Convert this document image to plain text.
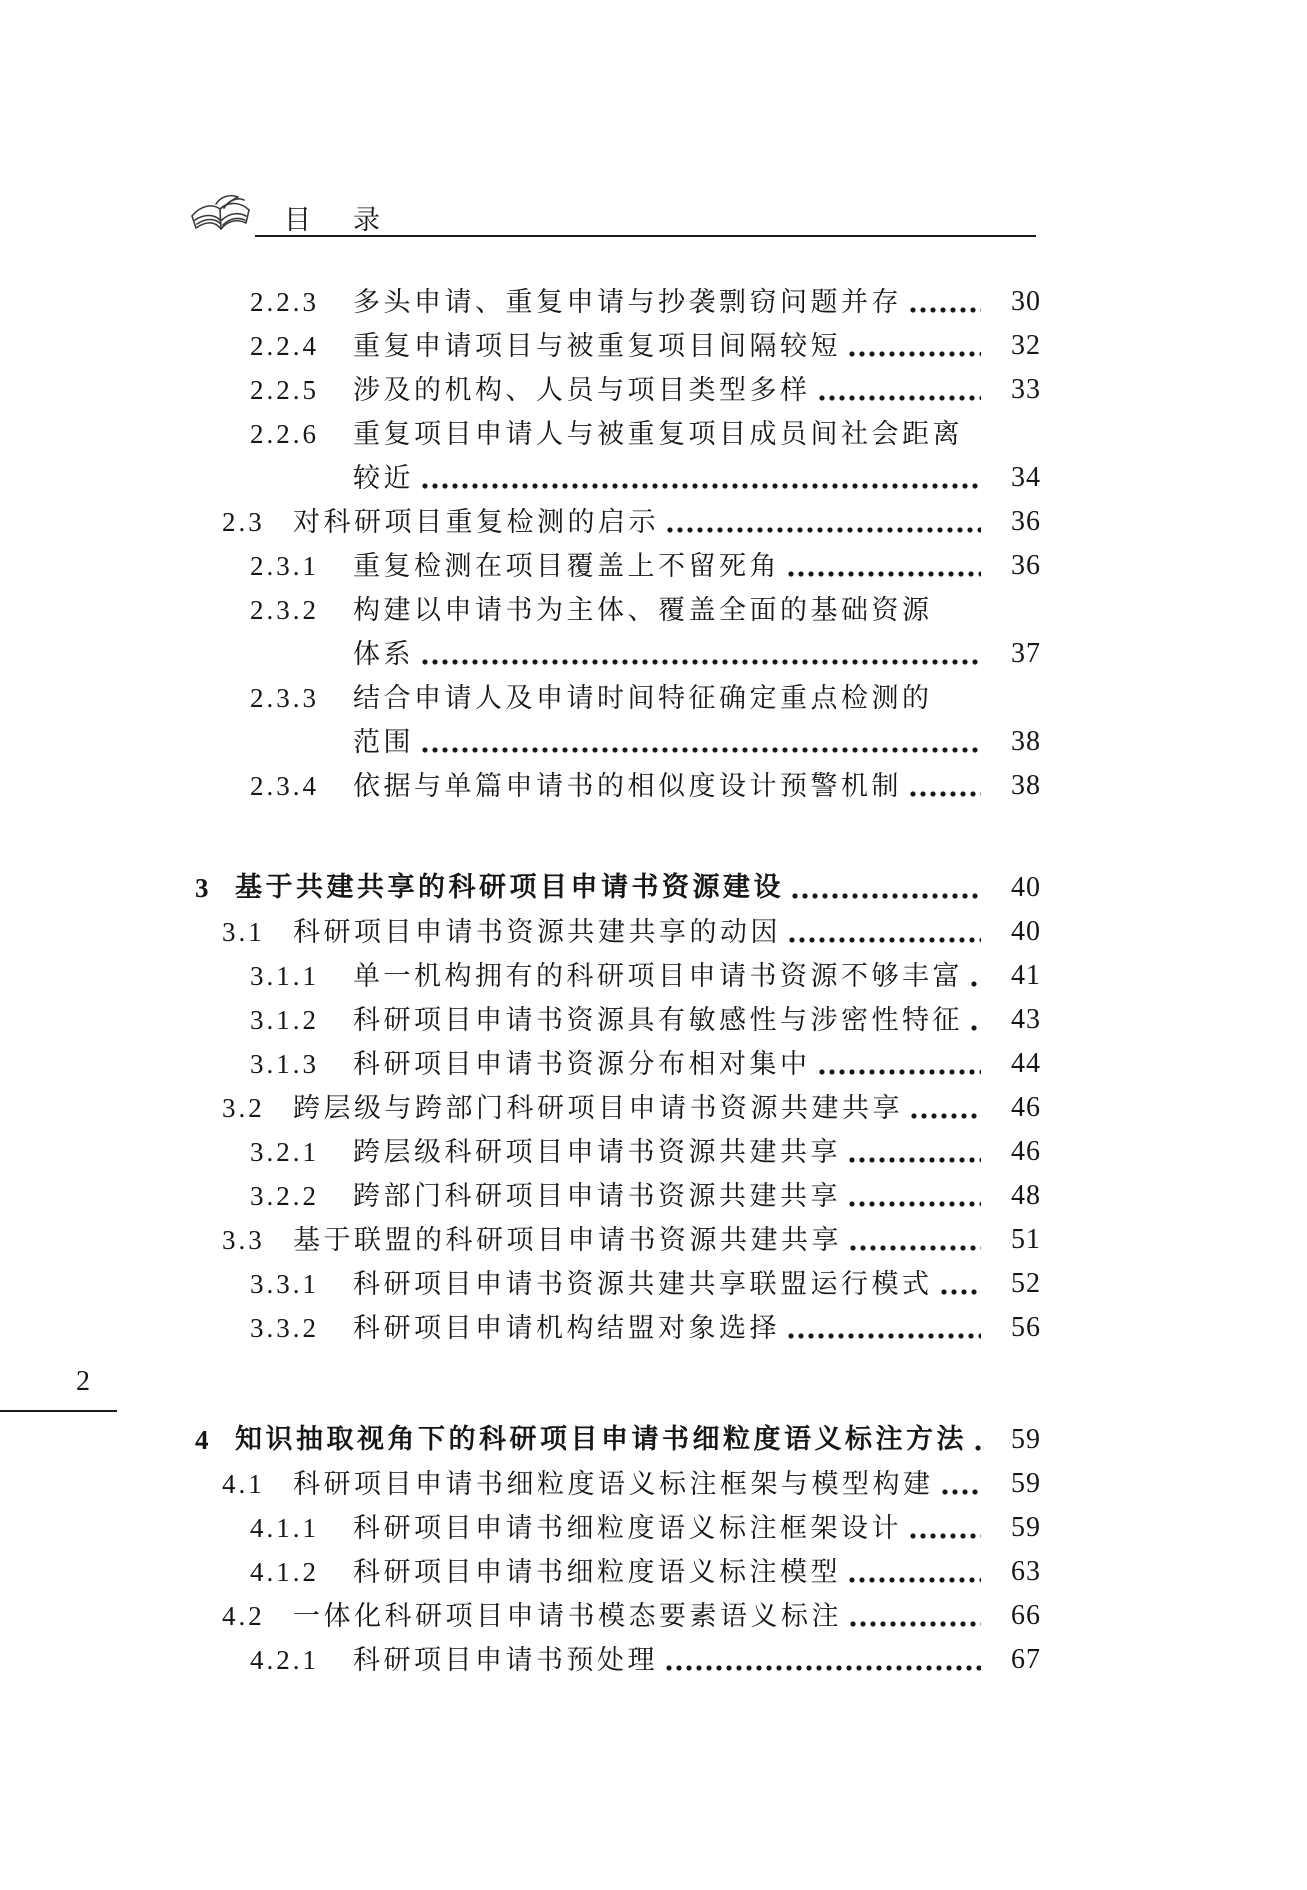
目录
2
2.2.3	多头申请、重复申请与抄袭剽窃问题并存	30
2.2.4	重复申请项目与被重复项目间隔较短	32
2.2.5	涉及的机构、人员与项目类型多样	33
2.2.6	重复项目申请人与被重复项目成员间社会距离
较近	34
2.3	对科研项目重复检测的启示	36
2.3.1	重复检测在项目覆盖上不留死角	36
2.3.2	构建以申请书为主体、覆盖全面的基础资源
体系	37
2.3.3	结合申请人及申请时间特征确定重点检测的
范围	38
2.3.4	依据与单篇申请书的相似度设计预警机制	38
3 基于共建共享的科研项目申请书资源建设	40
3.1	科研项目申请书资源共建共享的动因	40
3.1.1	单一机构拥有的科研项目申请书资源不够丰富	41
3.1.2	科研项目申请书资源具有敏感性与涉密性特征	43
3.1.3	科研项目申请书资源分布相对集中	44
3.2	跨层级与跨部门科研项目申请书资源共建共享	46
3.2.1	跨层级科研项目申请书资源共建共享	46
3.2.2	跨部门科研项目申请书资源共建共享	48
3.3	基于联盟的科研项目申请书资源共建共享	51
3.3.1	科研项目申请书资源共建共享联盟运行模式	52
3.3.2	科研项目申请机构结盟对象选择	56
4 知识抽取视角下的科研项目申请书细粒度语义标注方法	59
4.1	科研项目申请书细粒度语义标注框架与模型构建	59
4.1.1	科研项目申请书细粒度语义标注框架设计	59
4.1.2	科研项目申请书细粒度语义标注模型	63
4.2	一体化科研项目申请书模态要素语义标注	66
4.2.1	科研项目申请书预处理	67
